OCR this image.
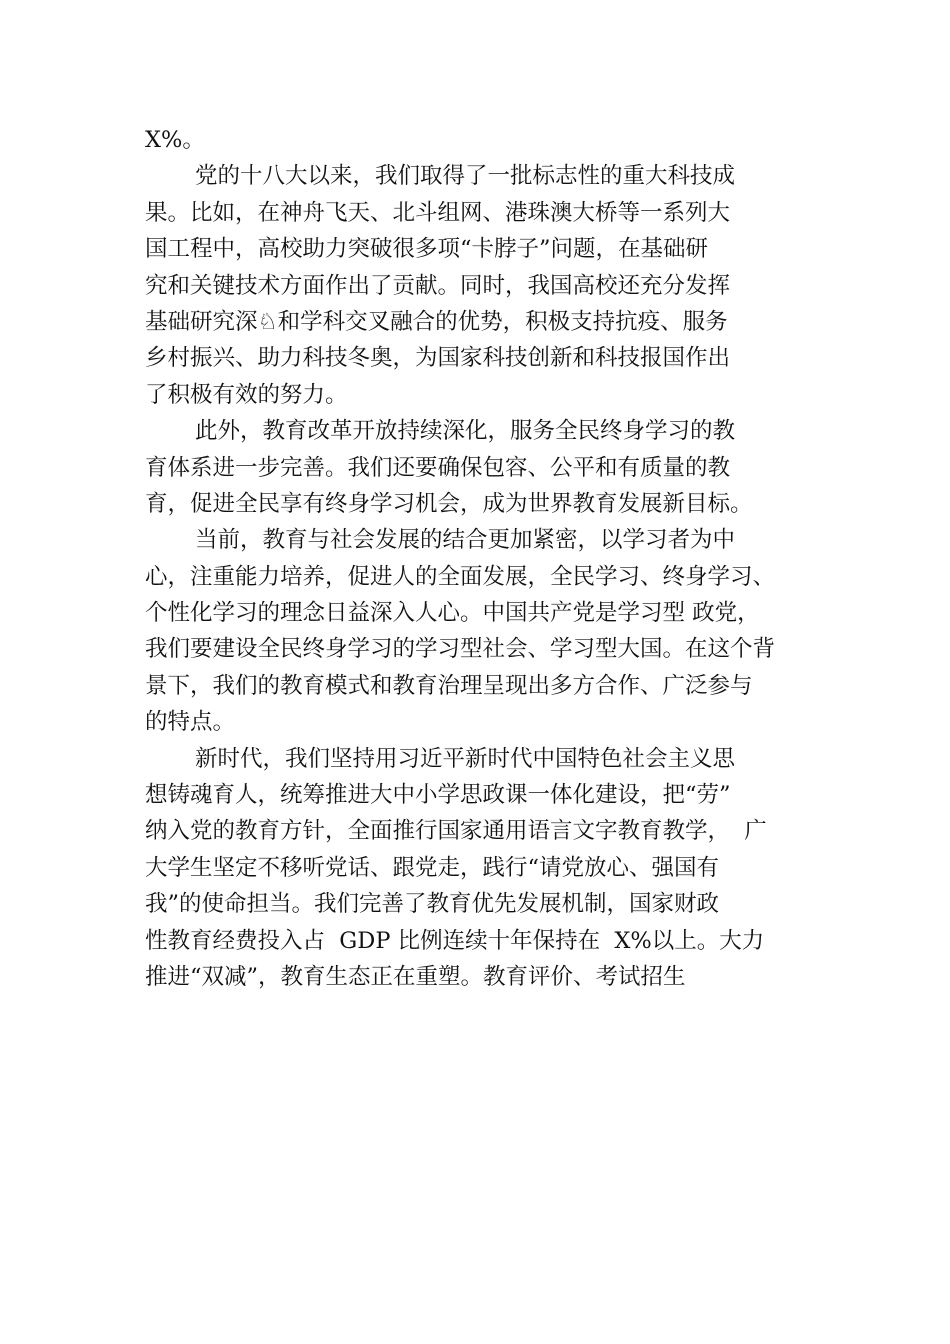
X%。
党的十八大以来，我们取得了一批标志性的重大科技成
果。比如，在神舟飞天、北斗组网、港珠澳大桥等一系列大
国工程中，高校助力突破很多项“卡脖子”问题，在基础研
究和关键技术方面作出了贡献。同时，我国高校还充分发挥
基础研究深♘和学科交叉融合的优势，积极支持抗疫、服务
乡村振兴、助力科技冬奥，为国家科技创新和科技报国作出
了积极有效的努力。
此外，教育改革开放持续深化，服务全民终身学习的教
育体系进一步完善。我们还要确保包容、公平和有质量的教
育，促进全民享有终身学习机会，成为世界教育发展新目标。
当前，教育与社会发展的结合更加紧密，以学习者为中
心，注重能力培养，促进人的全面发展，全民学习、终身学习、
个性化学习的理念日益深入人心。中国共产党是学习型 政党，
我们要建设全民终身学习的学习型社会、学习型大国。在这个背
景下，我们的教育模式和教育治理呈现出多方合作、广泛参与
的特点。
新时代，我们坚持用习近平新时代中国特色社会主义思
想铸魂育人，统筹推进大中小学思政课一体化建设，把“劳”
纳入党的教育方针，全面推行国家通用语言文字教育教学，  广
大学生坚定不移听党话、跟党走，践行“请党放心、强国有
我”的使命担当。我们完善了教育优先发展机制，国家财政
性教育经费投入占  GDP 比例连续十年保持在  X%以上。大力
推进“双减”，教育生态正在重塑。教育评价、考试招生
